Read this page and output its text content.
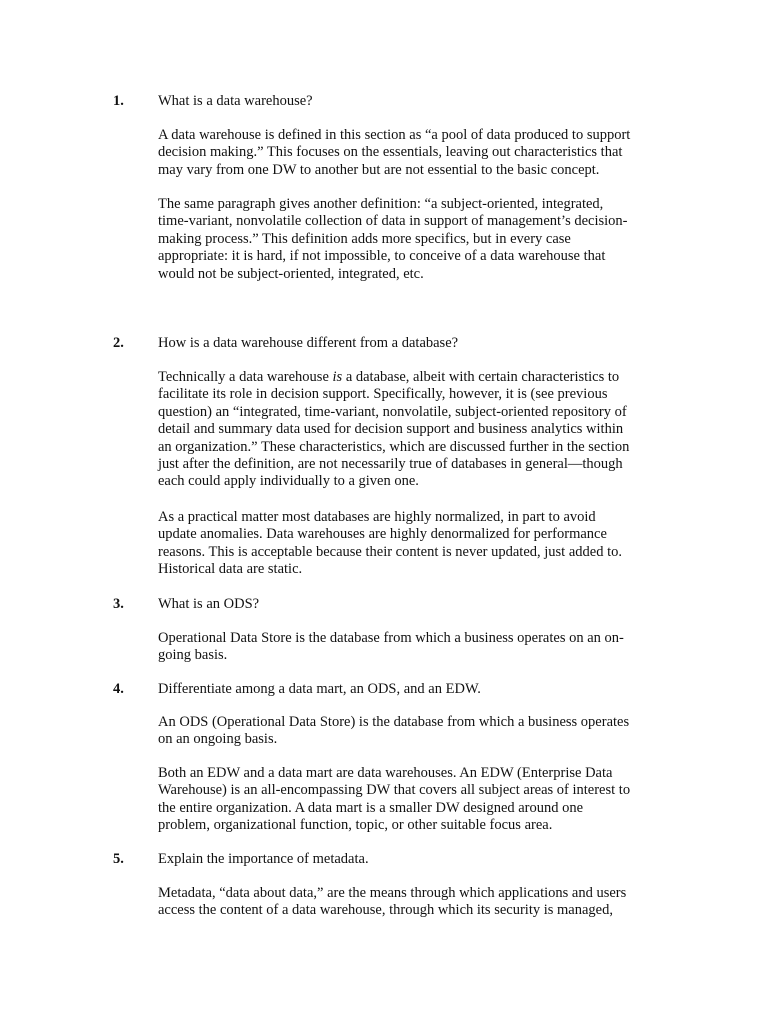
1. What is a data warehouse?
A data warehouse is defined in this section as “a pool of data produced to support
decision making.” This focuses on the essentials, leaving out characteristics that
may vary from one DW to another but are not essential to the basic concept.
The same paragraph gives another definition: “a subject-oriented, integrated,
time-variant, nonvolatile collection of data in support of management’s decision-
making process.” This definition adds more specifics, but in every case
appropriate: it is hard, if not impossible, to conceive of a data warehouse that
would not be subject-oriented, integrated, etc.
2. How is a data warehouse different from a database?
Technically a data warehouse is a database, albeit with certain characteristics to
facilitate its role in decision support. Specifically, however, it is (see previous
question) an “integrated, time-variant, nonvolatile, subject-oriented repository of
detail and summary data used for decision support and business analytics within
an organization.” These characteristics, which are discussed further in the section
just after the definition, are not necessarily true of databases in general—though
each could apply individually to a given one.
As a practical matter most databases are highly normalized, in part to avoid
update anomalies. Data warehouses are highly denormalized for performance
reasons. This is acceptable because their content is never updated, just added to.
Historical data are static.
3. What is an ODS?
Operational Data Store is the database from which a business operates on an on-
going basis.
4. Differentiate among a data mart, an ODS, and an EDW.
An ODS (Operational Data Store) is the database from which a business operates
on an ongoing basis.
Both an EDW and a data mart are data warehouses. An EDW (Enterprise Data
Warehouse) is an all-encompassing DW that covers all subject areas of interest to
the entire organization. A data mart is a smaller DW designed around one
problem, organizational function, topic, or other suitable focus area.
5. Explain the importance of metadata.
Metadata, “data about data,” are the means through which applications and users
access the content of a data warehouse, through which its security is managed,
